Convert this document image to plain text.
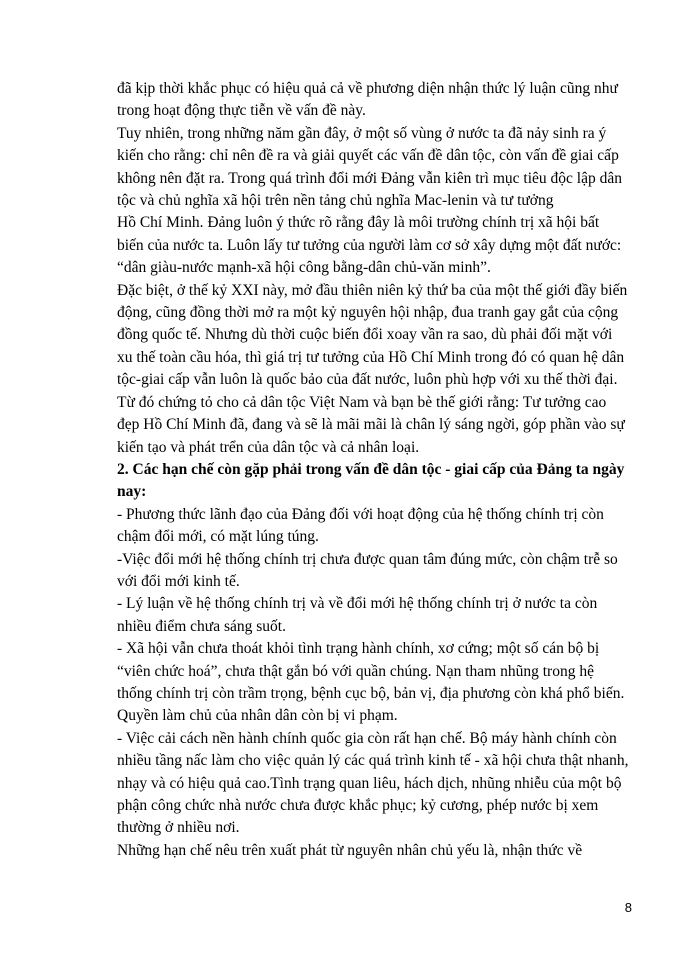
đã kịp thời khắc phục có hiệu quả cả về phương diện nhận thức lý luận cũng như trong hoạt động thực tiễn về vấn đề này.

Tuy nhiên, trong những năm gần đây, ở một số vùng ở nước ta đã nảy sinh ra ý kiến cho rằng: chỉ nên đề ra và giải quyết các vấn đề dân tộc, còn vấn đề giai cấp không nên đặt ra. Trong quá trình đổi mới Đảng vẫn kiên trì mục tiêu độc lập dân tộc và chủ nghĩa xã hội trên nền tảng chủ nghĩa Mac-lenin và tư tưởng

Hồ Chí Minh. Đảng luôn ý thức rõ rằng đây là môi trường chính trị xã hội bất biến của nước ta. Luôn lấy tư tưởng của người làm cơ sở xây dựng một đất nước: “dân giàu-nước mạnh-xã hội công bằng-dân chủ-văn minh”.

Đặc biệt, ở thế kỷ XXI này, mở đầu thiên niên kỷ thứ ba của một thế giới đầy biến động, cũng đồng thời mở ra một kỷ nguyên hội nhập, đua tranh gay gắt của cộng đồng quốc tế. Nhưng dù thời cuộc biến đổi xoay vần ra sao, dù phải đối mặt với xu thế toàn cầu hóa, thì giá trị tư tưởng của Hồ Chí Minh trong đó có quan hệ dân tộc-giai cấp vẫn luôn là quốc bảo của đất nước, luôn phù hợp với xu thế thời đại. Từ đó chứng tỏ cho cả dân tộc Việt Nam và bạn bè thế giới rằng: Tư tưởng cao đẹp Hồ Chí Minh đã, đang và sẽ là mãi mãi là chân lý sáng ngời, góp phần vào sự kiến tạo và phát trển của dân tộc và cả nhân loại.

2. Các hạn chế còn gặp phải trong vấn đề dân tộc - giai cấp của Đảng ta ngày nay:

- Phương thức lãnh đạo của Đảng đối với hoạt động của hệ thống chính trị còn chậm đổi mới, có mặt lúng túng.

-Việc đổi mới hệ thống chính trị chưa được quan tâm đúng mức, còn chậm trễ so với đổi mới kinh tế.

- Lý luận về hệ thống chính trị và về đổi mới hệ thống chính trị ở nước ta còn nhiều điểm chưa sáng suốt.

- Xã hội vẫn chưa thoát khỏi tình trạng hành chính, xơ cứng; một số cán bộ bị “viên chức hoá”, chưa thật gắn bó với quần chúng. Nạn tham nhũng trong hệ thống chính trị còn trầm trọng, bệnh cục bộ, bản vị, địa phương còn khá phổ biến. Quyền làm chủ của nhân dân còn bị vi phạm.

- Việc cải cách nền hành chính quốc gia còn rất hạn chế. Bộ máy hành chính còn nhiều tầng nấc làm cho việc quản lý các quá trình kinh tế - xã hội chưa thật nhanh, nhạy và có hiệu quả cao.Tình trạng quan liêu, hách dịch, nhũng nhiễu của một bộ phận công chức nhà nước chưa được khắc phục; kỷ cương, phép nước bị xem thường ở nhiều nơi.

Những hạn chế nêu trên xuất phát từ nguyên nhân chủ yếu là, nhận thức về

8
